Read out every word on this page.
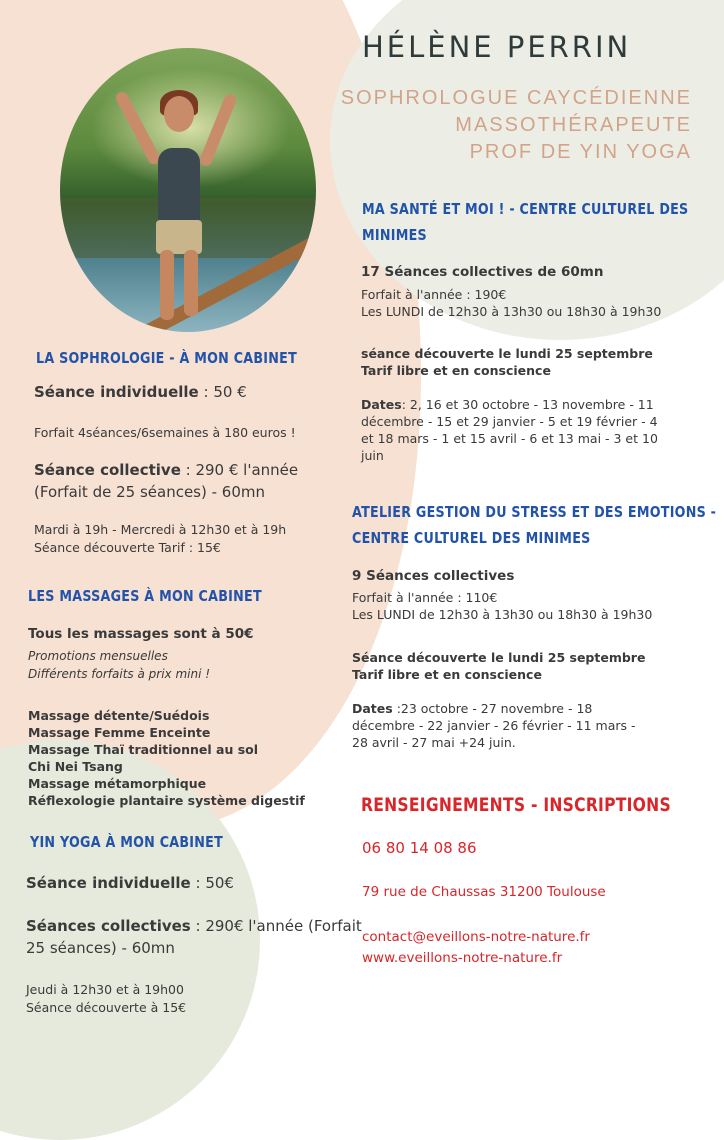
HÉLÈNE PERRIN
SOPHROLOGUE CAYCÉDIENNE
MASSOTHÉRAPEUTE
PROF DE YIN YOGA
LA SOPHROLOGIE - À MON CABINET
Séance individuelle : 50 €
Forfait 4séances/6semaines à 180 euros !
Séance collective : 290 € l'année
(Forfait de 25 séances) - 60mn
Mardi à 19h - Mercredi à 12h30 et à 19h
Séance découverte Tarif : 15€
LES MASSAGES À MON CABINET
Tous les massages sont à 50€
Promotions mensuelles
Différents forfaits à prix mini !
Massage détente/Suédois
Massage Femme Enceinte
Massage Thaï traditionnel au sol
Chi Nei Tsang
Massage métamorphique
Réflexologie plantaire système digestif
YIN YOGA À MON CABINET
Séance individuelle : 50€
Séances collectives : 290€ l'année (Forfait
25 séances) - 60mn
Jeudi à 12h30 et à 19h00
Séance découverte à 15€
MA SANTÉ ET MOI ! - CENTRE CULTUREL DES
MINIMES
17 Séances collectives de 60mn
Forfait à l'année : 190€
Les LUNDI de 12h30 à 13h30 ou 18h30 à 19h30
séance découverte le lundi 25 septembre
Tarif libre et en conscience
Dates: 2, 16 et 30 octobre - 13 novembre - 11
décembre - 15 et 29 janvier - 5 et 19 février - 4
et 18 mars - 1 et 15 avril - 6 et 13 mai - 3 et 10
juin
ATELIER GESTION DU STRESS ET DES EMOTIONS -
CENTRE CULTUREL DES MINIMES
9 Séances collectives
Forfait à l'année : 110€
Les LUNDI de 12h30 à 13h30 ou 18h30 à 19h30
Séance découverte le lundi 25 septembre
Tarif libre et en conscience
Dates :23 octobre - 27 novembre - 18
décembre - 22 janvier - 26 février - 11 mars -
28 avril - 27 mai +24 juin.
RENSEIGNEMENTS - INSCRIPTIONS
06 80 14 08 86
79 rue de Chaussas 31200 Toulouse
contact@eveillons-notre-nature.fr
www.eveillons-notre-nature.fr
